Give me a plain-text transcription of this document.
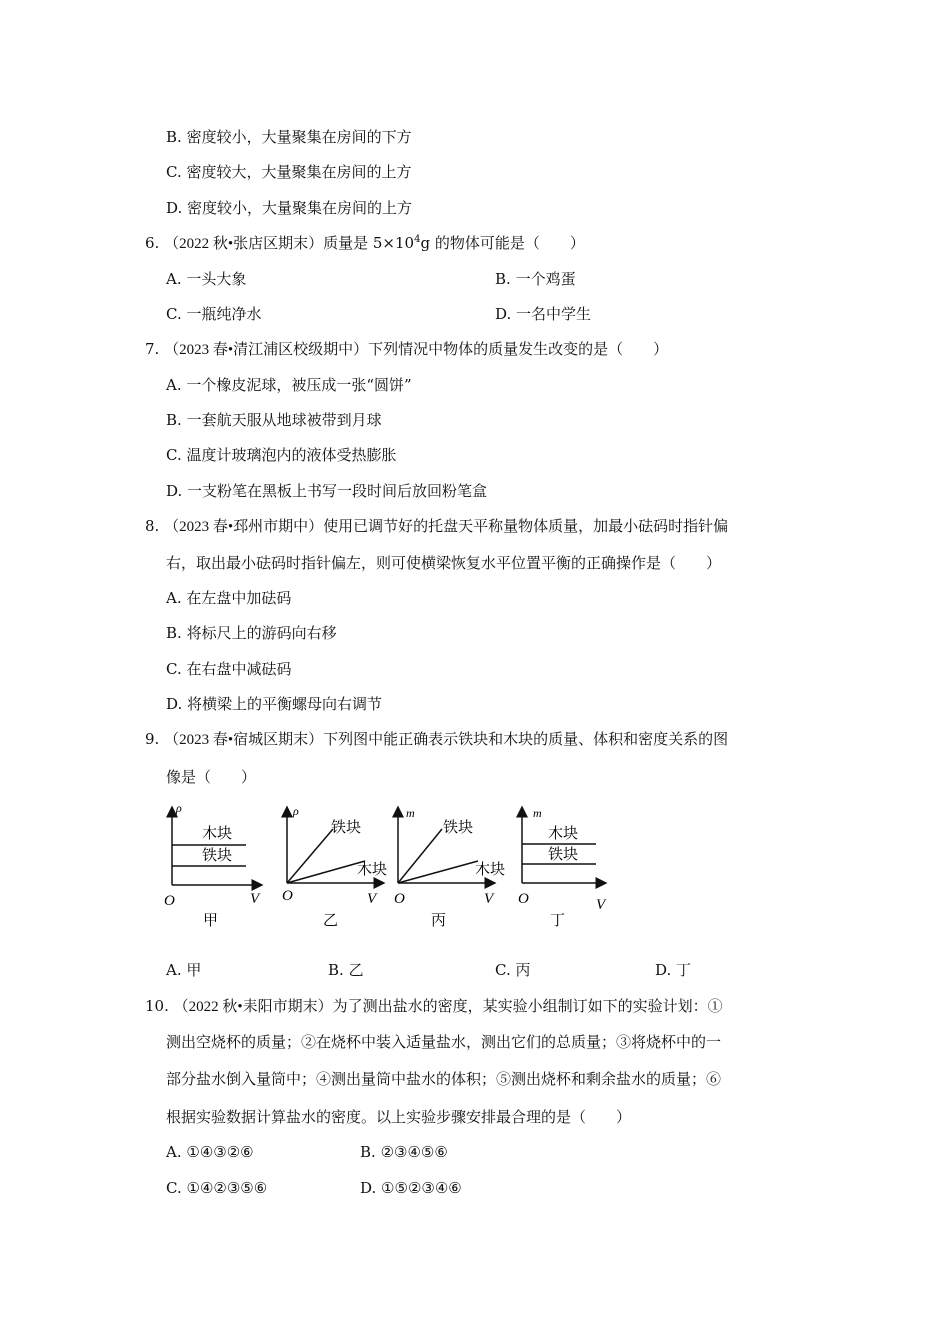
B. 密度较小，大量聚集在房间的下方
C. 密度较大，大量聚集在房间的上方
D. 密度较小，大量聚集在房间的上方
6. （2022 秋•张店区期末）质量是 $5\times 10^4g$ 的物体可能是（　　）
A. 一头大象	B. 一个鸡蛋
C. 一瓶纯净水	D. 一名中学生
7. （2023 春•清江浦区校级期中）下列情况中物体的质量发生改变的是（　　）
A. 一个橡皮泥球，被压成一张“圆饼”
B. 一套航天服从地球被带到月球
C. 温度计玻璃泡内的液体受热膨胀
D. 一支粉笔在黑板上书写一段时间后放回粉笔盒
8. （2023 春•邳州市期中）使用已调节好的托盘天平称量物体质量，加最小砝码时指针偏
右，取出最小砝码时指针偏左，则可使横梁恢复水平位置平衡的正确操作是（　　）
A. 在左盘中加砝码
B. 将标尺上的游码向右移
C. 在右盘中减砝码
D. 将横梁上的平衡螺母向右调节
9. （2023 春•宿城区期末）下列图中能正确表示铁块和木块的质量、体积和密度关系的图
像是（　　）
ρ
木块
铁块
O	V
甲
ρ
铁块
木块
O	V
乙
m
铁块
木块
O	V
丙
m
木块
铁块
O	V
丁
A. 甲	B. 乙	C. 丙	D. 丁
10. （2022 秋•耒阳市期末）为了测出盐水的密度，某实验小组制订如下的实验计划：①
测出空烧杯的质量；②在烧杯中装入适量盐水，测出它们的总质量；③将烧杯中的一
部分盐水倒入量筒中；④测出量筒中盐水的体积；⑤测出烧杯和剩余盐水的质量；⑥
根据实验数据计算盐水的密度。以上实验步骤安排最合理的是（　　）
A. ①④③②⑥	B. ②③④⑤⑥
C. ①④②③⑤⑥	D. ①⑤②③④⑥
